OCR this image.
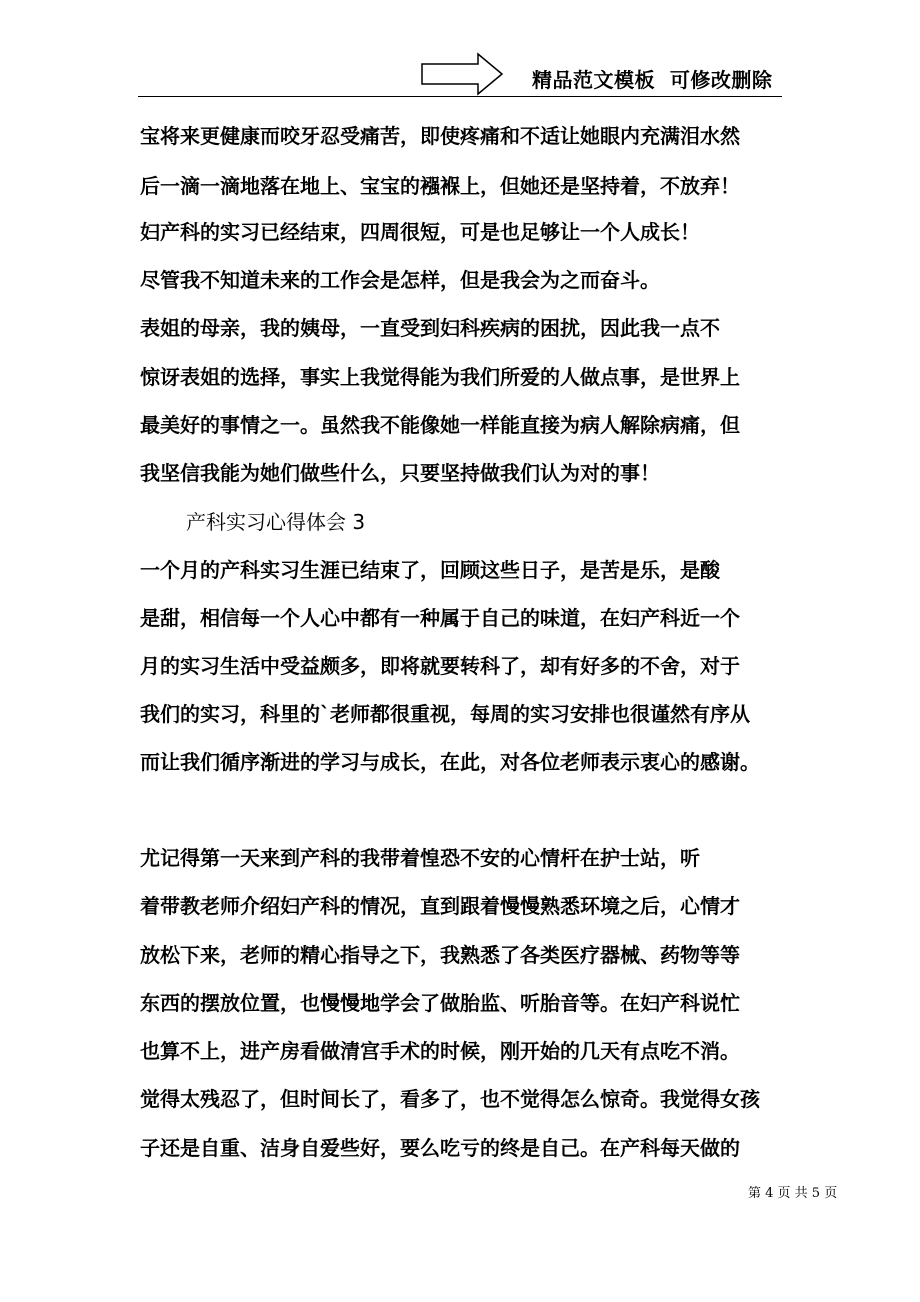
精品范文模板  可修改删除
宝将来更健康而咬牙忍受痛苦，即使疼痛和不适让她眼内充满泪水然
后一滴一滴地落在地上、宝宝的襁褓上，但她还是坚持着，不放弃！
妇产科的实习已经结束，四周很短，可是也足够让一个人成长！
尽管我不知道未来的工作会是怎样，但是我会为之而奋斗。
表姐的母亲，我的姨母，一直受到妇科疾病的困扰，因此我一点不
惊讶表姐的选择，事实上我觉得能为我们所爱的人做点事，是世界上
最美好的事情之一。虽然我不能像她一样能直接为病人解除病痛，但
我坚信我能为她们做些什么，只要坚持做我们认为对的事！
产科实习心得体会 3
一个月的产科实习生涯已结束了，回顾这些日子，是苦是乐，是酸
是甜，相信每一个人心中都有一种属于自己的味道，在妇产科近一个
月的实习生活中受益颇多，即将就要转科了，却有好多的不舍，对于
我们的实习，科里的`老师都很重视，每周的实习安排也很谨然有序从
而让我们循序渐进的学习与成长，在此，对各位老师表示衷心的感谢。
尤记得第一天来到产科的我带着惶恐不安的心情杆在护士站，听
着带教老师介绍妇产科的情况，直到跟着慢慢熟悉环境之后，心情才
放松下来，老师的精心指导之下，我熟悉了各类医疗器械、药物等等
东西的摆放位置，也慢慢地学会了做胎监、听胎音等。在妇产科说忙
也算不上，进产房看做清宫手术的时候，刚开始的几天有点吃不消。
觉得太残忍了，但时间长了，看多了，也不觉得怎么惊奇。我觉得女孩
子还是自重、洁身自爱些好，要么吃亏的终是自己。在产科每天做的
第 4 页 共 5 页
